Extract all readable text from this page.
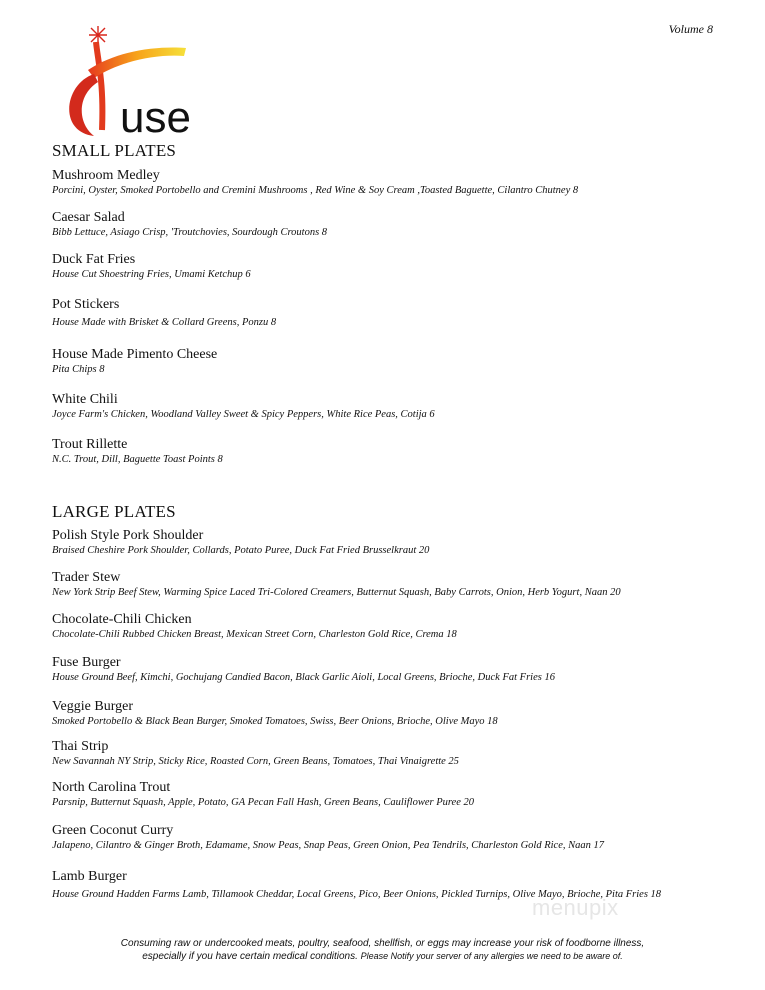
Volume 8
use
SMALL PLATES
Mushroom Medley
Porcini, Oyster, Smoked Portobello and Cremini Mushrooms , Red Wine & Soy Cream ,Toasted Baguette, Cilantro Chutney 8
Caesar Salad
Bibb Lettuce, Asiago Crisp, 'Troutchovies, Sourdough Croutons 8
Duck Fat Fries
House Cut Shoestring Fries, Umami Ketchup 6
Pot Stickers
House Made with Brisket & Collard Greens, Ponzu 8
House Made Pimento Cheese
Pita Chips 8
White Chili
Joyce Farm's Chicken, Woodland Valley Sweet & Spicy Peppers, White Rice Peas, Cotija 6
Trout Rillette
N.C. Trout, Dill, Baguette Toast Points 8
LARGE PLATES
Polish Style Pork Shoulder
Braised Cheshire Pork Shoulder, Collards, Potato Puree, Duck Fat Fried Brusselkraut 20
Trader Stew
New York Strip Beef Stew, Warming Spice Laced Tri-Colored Creamers, Butternut Squash, Baby Carrots, Onion, Herb Yogurt, Naan 20
Chocolate-Chili Chicken
Chocolate-Chili Rubbed Chicken Breast, Mexican Street Corn, Charleston Gold Rice, Crema 18
Fuse Burger
House Ground Beef, Kimchi, Gochujang Candied Bacon, Black Garlic Aioli, Local Greens, Brioche, Duck Fat Fries 16
Veggie Burger
Smoked Portobello & Black Bean Burger, Smoked Tomatoes, Swiss, Beer Onions, Brioche, Olive Mayo 18
Thai Strip
New Savannah NY Strip, Sticky Rice, Roasted Corn, Green Beans, Tomatoes, Thai Vinaigrette 25
North Carolina Trout
Parsnip, Butternut Squash, Apple, Potato, GA Pecan Fall Hash, Green Beans, Cauliflower Puree 20
Green Coconut Curry
Jalapeno, Cilantro & Ginger Broth, Edamame, Snow Peas, Snap Peas, Green Onion, Pea Tendrils, Charleston Gold Rice, Naan 17
Lamb Burger
House Ground Hadden Farms Lamb, Tillamook Cheddar, Local Greens, Pico, Beer Onions, Pickled Turnips, Olive Mayo, Brioche, Pita Fries 18
menupix
Consuming raw or undercooked meats, poultry, seafood, shellfish, or eggs may increase your risk of foodborne illness,
especially if you have certain medical conditions. Please Notify your server of any allergies we need to be aware of.
